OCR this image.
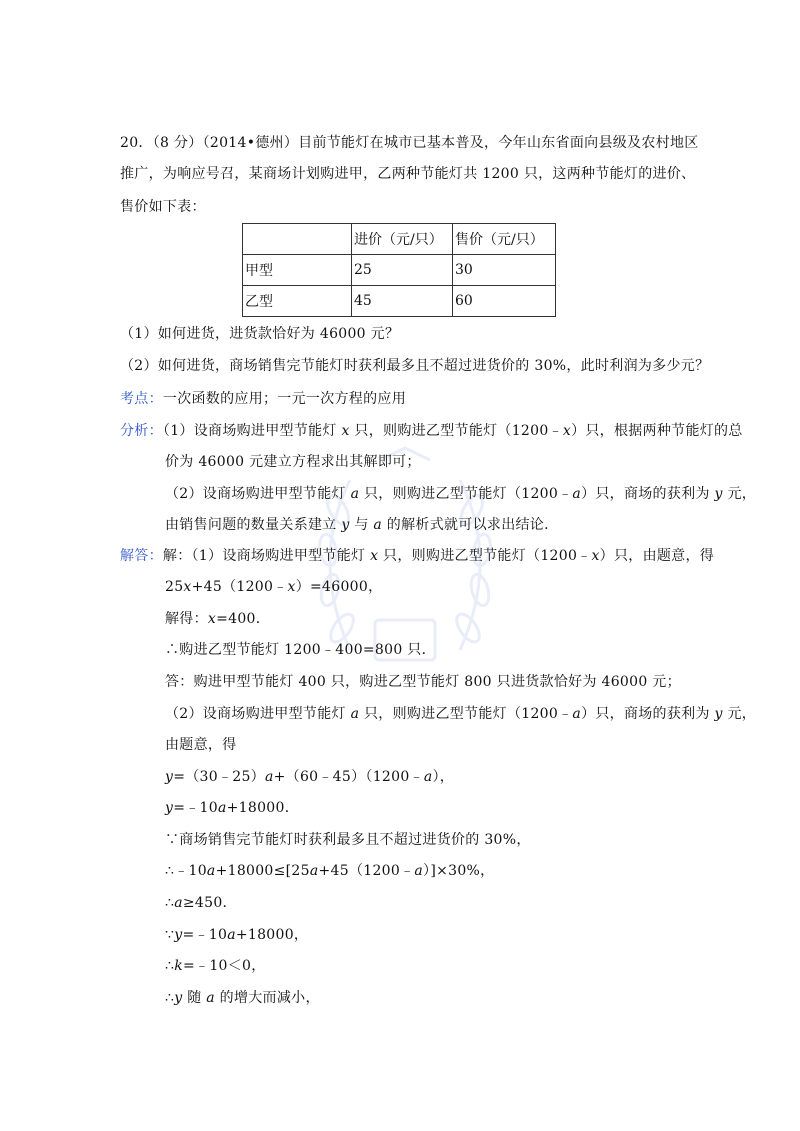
20．（8 分）（2014•德州）目前节能灯在城市已基本普及，今年山东省面向县级及农村地区
推广，为响应号召，某商场计划购进甲，乙两种节能灯共 1200 只，这两种节能灯的进价、
售价如下表：
	进价（元/只）	售价（元/只）
甲型	25	30
乙型	45	60
（1）如何进货，进货款恰好为 46000 元？
（2）如何进货，商场销售完节能灯时获利最多且不超过进货价的 30%，此时利润为多少元？
考点：一次函数的应用；一元一次方程的应用
分析：（1）设商场购进甲型节能灯 x 只，则购进乙型节能灯（1200﹣x）只，根据两种节能灯的总
价为 46000 元建立方程求出其解即可；
（2）设商场购进甲型节能灯 a 只，则购进乙型节能灯（1200﹣a）只，商场的获利为 y 元，
由销售问题的数量关系建立 y 与 a 的解析式就可以求出结论．
解答：解：（1）设商场购进甲型节能灯 x 只，则购进乙型节能灯（1200﹣x）只，由题意，得
25x+45（1200﹣x）=46000，
解得：x=400．
∴购进乙型节能灯 1200﹣400=800 只．
答：购进甲型节能灯 400 只，购进乙型节能灯 800 只进货款恰好为 46000 元；
（2）设商场购进甲型节能灯 a 只，则购进乙型节能灯（1200﹣a）只，商场的获利为 y 元，
由题意，得
y=（30﹣25）a+（60﹣45）（1200﹣a），
y=﹣10a+18000．
∵商场销售完节能灯时获利最多且不超过进货价的 30%，
∴﹣10a+18000≤[25a+45（1200﹣a）]×30%，
∴a≥450．
∵y=﹣10a+18000，
∴k=﹣10＜0，
∴y 随 a 的增大而减小，
